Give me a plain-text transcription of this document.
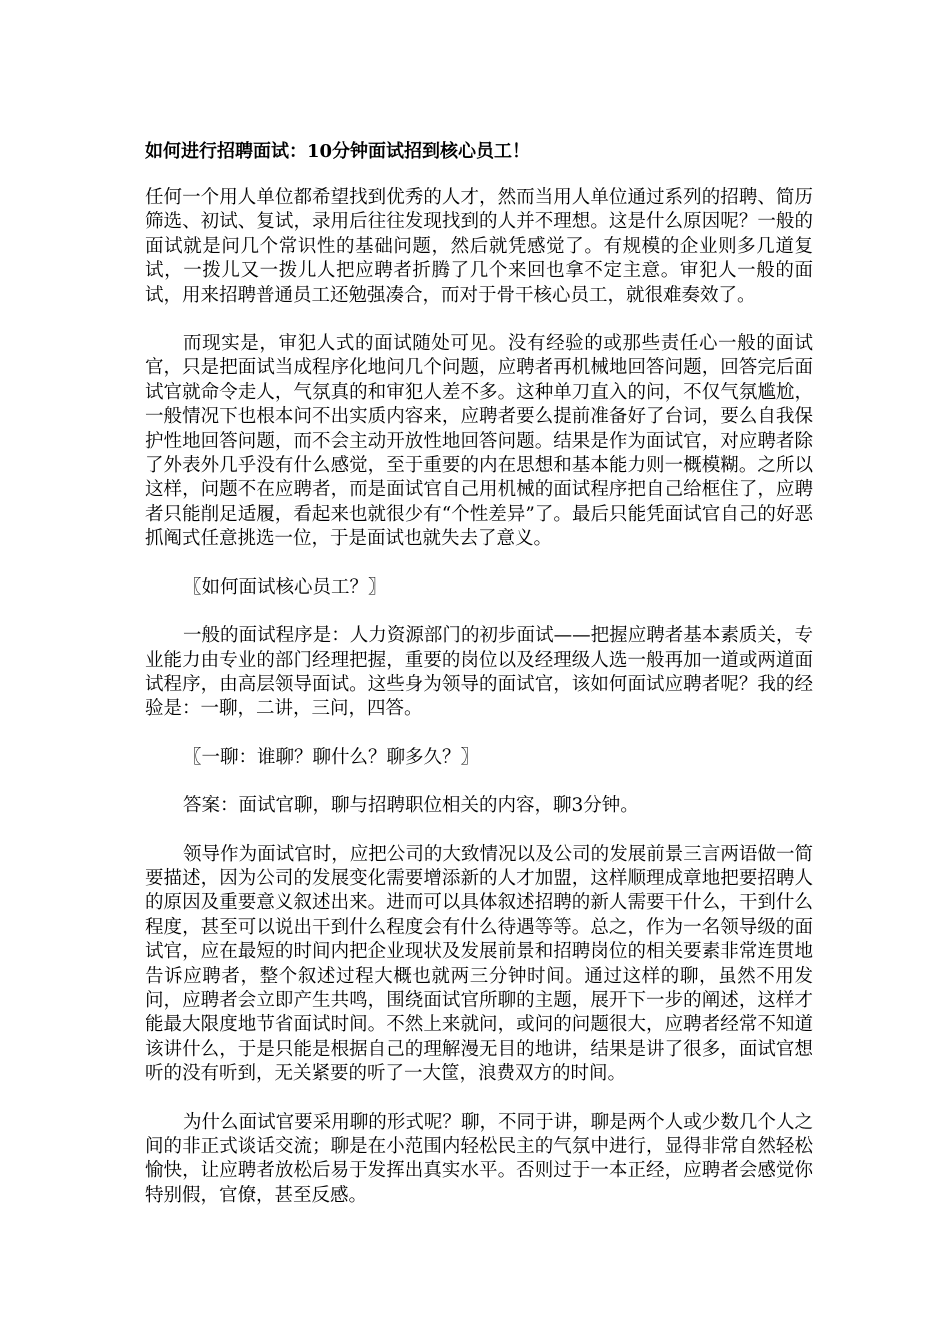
如何进行招聘面试：10分钟面试招到核心员工！

任何一个用人单位都希望找到优秀的人才，然而当用人单位通过系列的招聘、简历筛选、初试、复试，录用后往往发现找到的人并不理想。这是什么原因呢？一般的面试就是问几个常识性的基础问题，然后就凭感觉了。有规模的企业则多几道复试，一拨儿又一拨儿人把应聘者折腾了几个来回也拿不定主意。审犯人一般的面试，用来招聘普通员工还勉强凑合，而对于骨干核心员工，就很难奏效了。

而现实是，审犯人式的面试随处可见。没有经验的或那些责任心一般的面试官，只是把面试当成程序化地问几个问题，应聘者再机械地回答问题，回答完后面试官就命令走人，气氛真的和审犯人差不多。这种单刀直入的问，不仅气氛尴尬，一般情况下也根本问不出实质内容来，应聘者要么提前准备好了台词，要么自我保护性地回答问题，而不会主动开放性地回答问题。结果是作为面试官，对应聘者除了外表外几乎没有什么感觉，至于重要的内在思想和基本能力则一概模糊。之所以这样，问题不在应聘者，而是面试官自己用机械的面试程序把自己给框住了，应聘者只能削足适履，看起来也就很少有“个性差异”了。最后只能凭面试官自己的好恶抓阄式任意挑选一位，于是面试也就失去了意义。

〖如何面试核心员工？〗

一般的面试程序是：人力资源部门的初步面试——把握应聘者基本素质关，专业能力由专业的部门经理把握，重要的岗位以及经理级人选一般再加一道或两道面试程序，由高层领导面试。这些身为领导的面试官，该如何面试应聘者呢？我的经验是：一聊，二讲，三问，四答。

〖一聊：谁聊？聊什么？聊多久？〗

答案：面试官聊，聊与招聘职位相关的内容，聊3分钟。

领导作为面试官时，应把公司的大致情况以及公司的发展前景三言两语做一简要描述，因为公司的发展变化需要增添新的人才加盟，这样顺理成章地把要招聘人的原因及重要意义叙述出来。进而可以具体叙述招聘的新人需要干什么，干到什么程度，甚至可以说出干到什么程度会有什么待遇等等。总之，作为一名领导级的面试官，应在最短的时间内把企业现状及发展前景和招聘岗位的相关要素非常连贯地告诉应聘者，整个叙述过程大概也就两三分钟时间。通过这样的聊，虽然不用发问，应聘者会立即产生共鸣，围绕面试官所聊的主题，展开下一步的阐述，这样才能最大限度地节省面试时间。不然上来就问，或问的问题很大，应聘者经常不知道该讲什么，于是只能是根据自己的理解漫无目的地讲，结果是讲了很多，面试官想听的没有听到，无关紧要的听了一大筐，浪费双方的时间。

为什么面试官要采用聊的形式呢？聊，不同于讲，聊是两个人或少数几个人之间的非正式谈话交流；聊是在小范围内轻松民主的气氛中进行，显得非常自然轻松愉快，让应聘者放松后易于发挥出真实水平。否则过于一本正经，应聘者会感觉你特别假，官僚，甚至反感。
